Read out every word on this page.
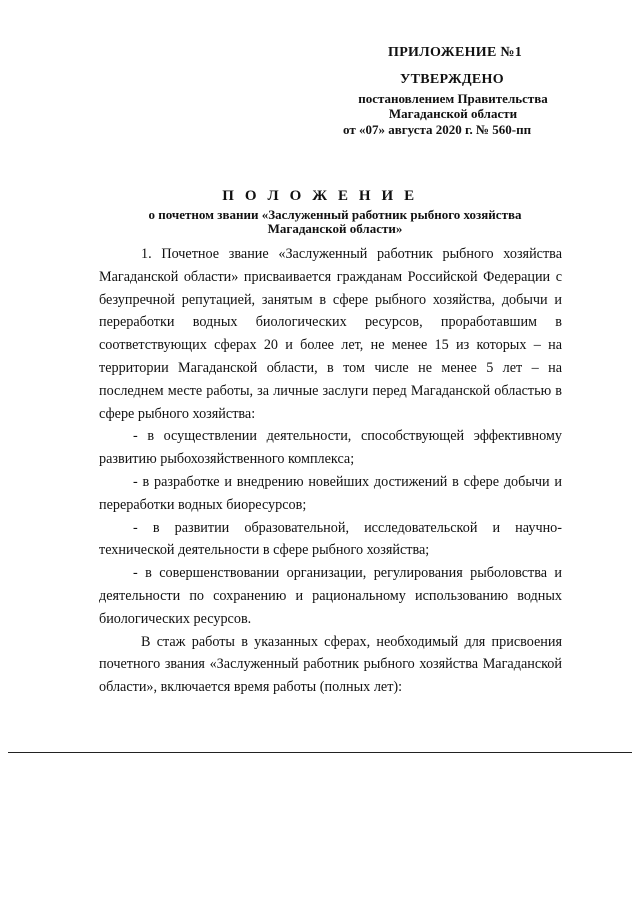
ПРИЛОЖЕНИЕ №1
УТВЕРЖДЕНО
постановлением Правительства
Магаданской области
от «07» августа 2020 г. № 560-пп
П О Л О Ж Е Н И Е
о почетном звании «Заслуженный работник рыбного хозяйства
Магаданской области»

1. Почетное звание «Заслуженный работник рыбного хозяйства Магаданской области» присваивается гражданам Российской Федерации с безупречной репутацией, занятым в сфере рыбного хозяйства, добычи и переработки водных биологических ресурсов, проработавшим в соответствующих сферах 20 и более лет, не менее 15 из которых – на территории Магаданской области, в том числе не менее 5 лет – на последнем месте работы, за личные заслуги перед Магаданской областью в сфере рыбного хозяйства:

- в осуществлении деятельности, способствующей эффективному развитию рыбохозяйственного комплекса;

- в разработке и внедрению новейших достижений в сфере добычи и переработки водных биоресурсов;

- в развитии образовательной, исследовательской и научно-технической деятельности в сфере рыбного хозяйства;

- в совершенствовании организации, регулирования рыболовства и деятельности по сохранению и рациональному использованию водных биологических ресурсов.

В стаж работы в указанных сферах, необходимый для присвоения почетного звания «Заслуженный работник рыбного хозяйства Магаданской области», включается время работы (полных лет):
